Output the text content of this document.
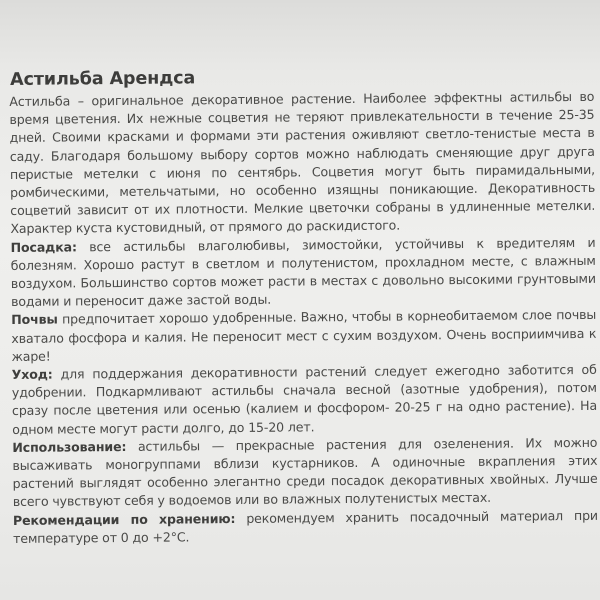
Астильба Арендса

Астильба – оригинальное декоративное растение. Наиболее эффектны астильбы во время цветения. Их нежные соцветия не теряют привлекательности в течение 25-35 дней. Своими красками и формами эти растения оживляют светло-тенистые места в саду. Благодаря большому выбору сортов можно наблюдать сменяющие друг друга перистые метелки с июня по сентябрь. Соцветия могут быть пирамидальными, ромбическими, метельчатыми, но особенно изящны поникающие. Декоративность соцветий зависит от их плотности. Мелкие цветочки собраны в удлиненные метелки. Характер куста кустовидный, от прямого до раскидистого.

Посадка: все астильбы влаголюбивы, зимостойки, устойчивы к вредителям и болезням. Хорошо растут в светлом и полутенистом, прохладном месте, с влажным воздухом. Большинство сортов может расти в местах с довольно высокими грунтовыми водами и переносит даже застой воды.

Почвы предпочитает хорошо удобренные. Важно, чтобы в корнеобитаемом слое почвы хватало фосфора и калия. Не переносит мест с сухим воздухом. Очень восприимчива к жаре!

Уход: для поддержания декоративности растений следует ежегодно заботится об удобрении. Подкармливают астильбы сначала весной (азотные удобрения), потом сразу после цветения или осенью (калием и фосфором- 20-25 г на одно растение). На одном месте могут расти долго, до 15-20 лет.

Использование: астильбы — прекрасные растения для озеленения. Их можно высаживать моногруппами вблизи кустарников. А одиночные вкрапления этих растений выглядят особенно элегантно среди посадок декоративных хвойных. Лучше всего чувствуют себя у водоемов или во влажных полутенистых местах.

Рекомендации по хранению: рекомендуем хранить посадочный материал при температуре от 0 до +2°С.
